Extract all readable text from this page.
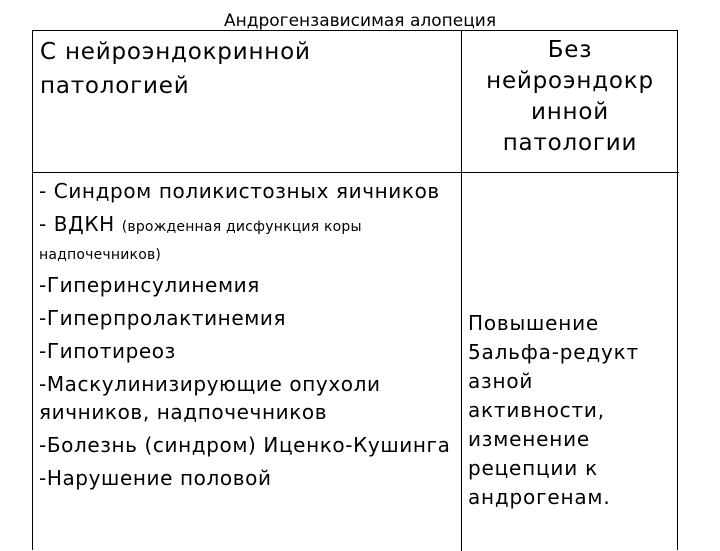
Андрогензависимая алопеция
С нейроэндокринной патологией
Без нейроэндокр инной патологии
- Синдром поликистозных яичников
- ВДКН (врожденная дисфункция коры надпочечников)
-Гиперинсулинемия
-Гиперпролактинемия
-Гипотиреоз
-Маскулинизирующие опухоли яичников, надпочечников
-Болезнь (синдром) Иценко-Кушинга
-Нарушение половой
Повышение 5альфа-редукт азной активности, изменение рецепции к андрогенам.
